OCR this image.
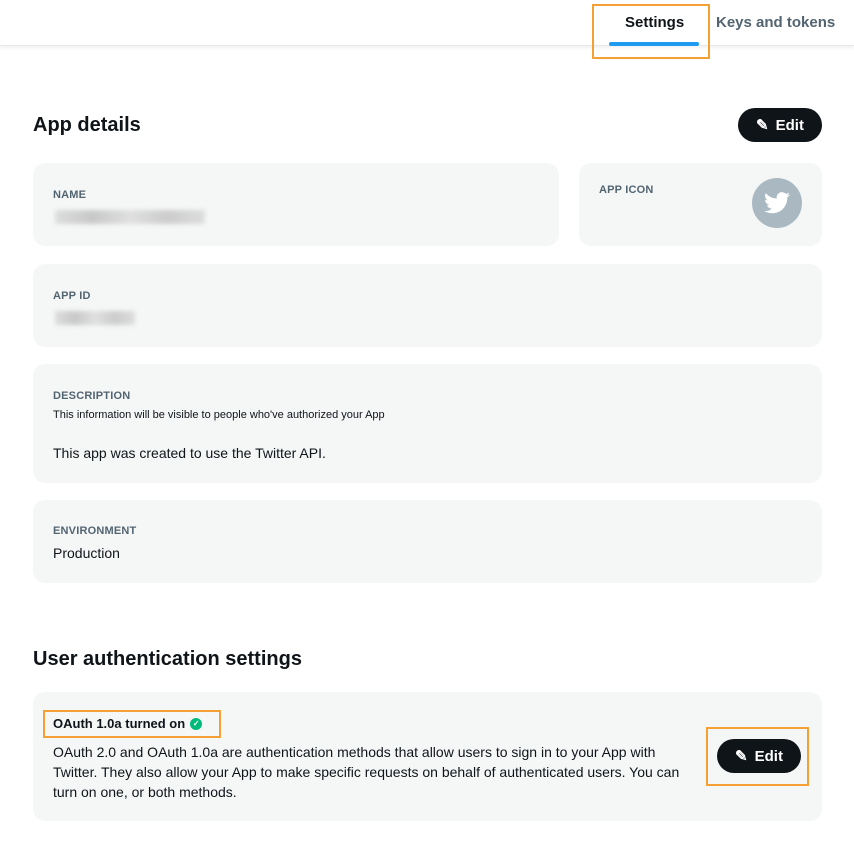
Settings Keys and tokens
App details	✎ Edit
NAME	APP ICON
APP ID
DESCRIPTION
This information will be visible to people who've authorized your App
This app was created to use the Twitter API.
ENVIRONMENT
Production
User authentication settings
OAuth 1.0a turned on ✓

OAuth 2.0 and OAuth 1.0a are authentication methods that allow users to sign in to your App with Twitter. They also allow your App to make specific requests on behalf of authenticated users. You can turn on one, or both methods.

✎ Edit
